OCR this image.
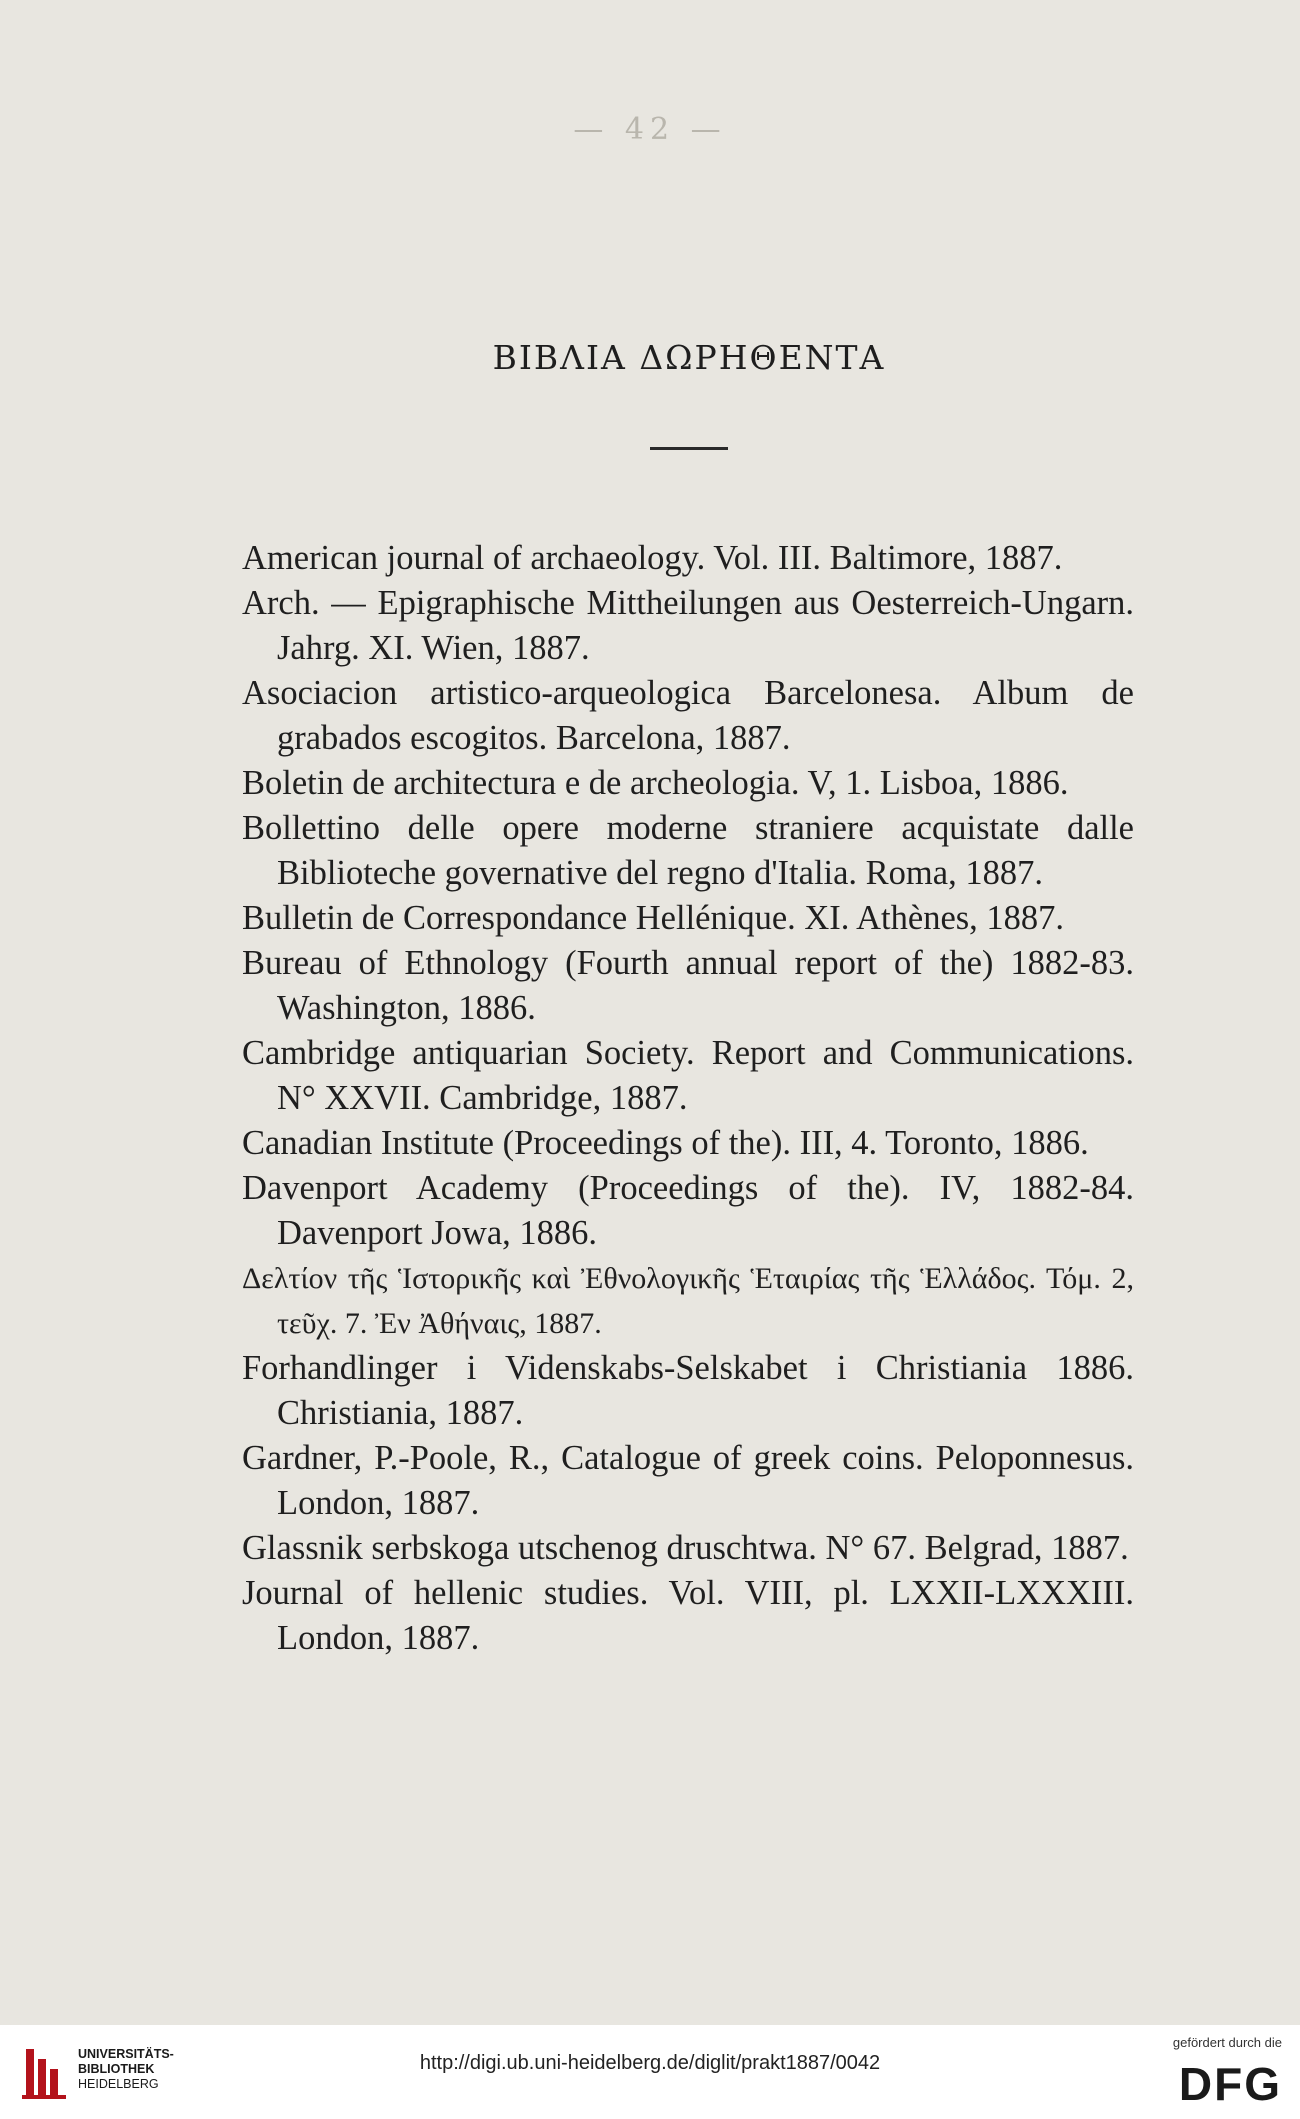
— 42 —
ΒΙΒΛΙΑ ΔΩΡΗΘΕΝΤΑ

American journal of archaeology. Vol. III. Baltimore, 1887.

Arch. — Epigraphische Mittheilungen aus Oesterreich-Ungarn. Jahrg. XI. Wien, 1887.

Asociacion artistico-arqueologica Barcelonesa. Album de grabados escogitos. Barcelona, 1887.

Boletin de architectura e de archeologia. V, 1. Lisboa, 1886.

Bollettino delle opere moderne straniere acquistate dalle Biblioteche governative del regno d'Italia. Roma, 1887.

Bulletin de Correspondance Hellénique. XI. Athènes, 1887.

Bureau of Ethnology (Fourth annual report of the) 1882-83. Washington, 1886.

Cambridge antiquarian Society. Report and Communications. N° XXVII. Cambridge, 1887.

Canadian Institute (Proceedings of the). III, 4. Toronto, 1886.

Davenport Academy (Proceedings of the). IV, 1882-84. Davenport Jowa, 1886.

Δελτίον τῆς Ἱστορικῆς καὶ Ἐθνολογικῆς Ἑταιρίας τῆς Ἑλλάδος. Τόμ. 2, τεῦχ. 7. Ἐν Ἀθήναις, 1887.

Forhandlinger i Videnskabs-Selskabet i Christiania 1886. Christiania, 1887.

Gardner, P.-Poole, R., Catalogue of greek coins. Peloponnesus. London, 1887.

Glassnik serbskoga utschenog druschtwa. N° 67. Belgrad, 1887.

Journal of hellenic studies. Vol. VIII, pl. LXXII-LXXXIII. London, 1887.

UNIVERSITÄTS-
BIBLIOTHEK
HEIDELBERG
http://digi.ub.uni-heidelberg.de/diglit/prakt1887/0042
gefördert durch die
DFG
